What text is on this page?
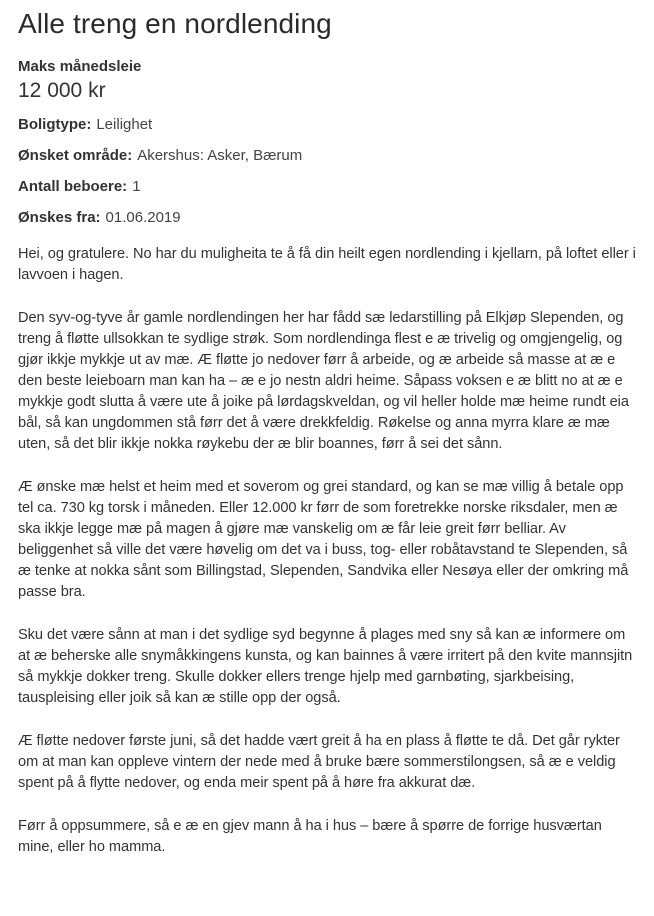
Alle treng en nordlending
Maks månedsleie
12 000 kr
Boligtype: Leilighet
Ønsket område: Akershus: Asker, Bærum
Antall beboere: 1
Ønskes fra: 01.06.2019

Hei, og gratulere. No har du muligheita te å få din heilt egen nordlending i kjellarn, på loftet eller i lavvoen i hagen.

Den syv-og-tyve år gamle nordlendingen her har fådd sæ ledarstilling på Elkjøp Slependen, og treng å fløtte ullsokkan te sydlige strøk. Som nordlendinga flest e æ trivelig og omgjengelig, og gjør ikkje mykkje ut av mæ. Æ fløtte jo nedover førr å arbeide, og æ arbeide så masse at æ e den beste leieboarn man kan ha – æ e jo nestn aldri heime. Såpass voksen e æ blitt no at æ e mykkje godt slutta å være ute å joike på lørdagskveldan, og vil heller holde mæ heime rundt eia bål, så kan ungdommen stå førr det å være drekkfeldig. Røkelse og anna myrra klare æ mæ uten, så det blir ikkje nokka røykebu der æ blir boannes, førr å sei det sånn.

Æ ønske mæ helst et heim med et soverom og grei standard, og kan se mæ villig å betale opp tel ca. 730 kg torsk i måneden. Eller 12.000 kr førr de som foretrekke norske riksdaler, men æ ska ikkje legge mæ på magen å gjøre mæ vanskelig om æ får leie greit førr belliar. Av beliggenhet så ville det være høvelig om det va i buss, tog- eller robåtavstand te Slependen, så æ tenke at nokka sånt som Billingstad, Slependen, Sandvika eller Nesøya eller der omkring må passe bra.

Sku det være sånn at man i det sydlige syd begynne å plages med sny så kan æ informere om at æ beherske alle snymåkkingens kunsta, og kan bainnes å være irritert på den kvite mannsjitn så mykkje dokker treng. Skulle dokker ellers trenge hjelp med garnbøting, sjarkbeising, tauspleising eller joik så kan æ stille opp der også.

Æ fløtte nedover første juni, så det hadde vært greit å ha en plass å fløtte te då. Det går rykter om at man kan oppleve vintern der nede med å bruke bære sommerstilongsen, så æ e veldig spent på å flytte nedover, og enda meir spent på å høre fra akkurat dæ.

Førr å oppsummere, så e æ en gjev mann å ha i hus – bære å spørre de forrige husværtan mine, eller ho mamma.
